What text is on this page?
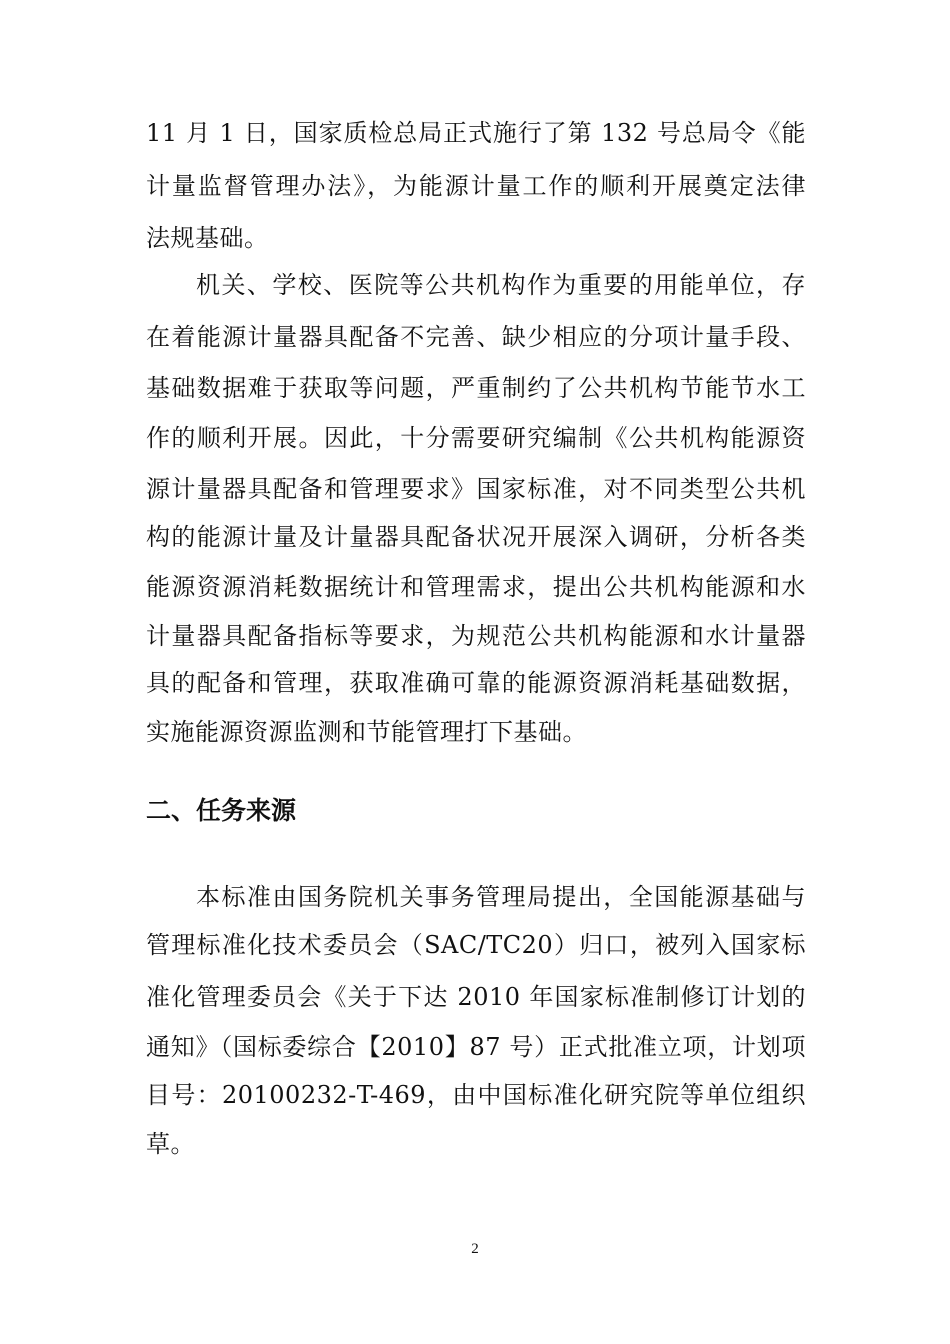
11 月 1 日，国家质检总局正式施行了第 132 号总局令《能
计量监督管理办法》，为能源计量工作的顺利开展奠定法律
法规基础。
机关、学校、医院等公共机构作为重要的用能单位，存
在着能源计量器具配备不完善、缺少相应的分项计量手段、
基础数据难于获取等问题，严重制约了公共机构节能节水工
作的顺利开展。因此，十分需要研究编制《公共机构能源资
源计量器具配备和管理要求》国家标准，对不同类型公共机
构的能源计量及计量器具配备状况开展深入调研，分析各类
能源资源消耗数据统计和管理需求，提出公共机构能源和水
计量器具配备指标等要求，为规范公共机构能源和水计量器
具的配备和管理，获取准确可靠的能源资源消耗基础数据，
实施能源资源监测和节能管理打下基础。
二、任务来源
本标准由国务院机关事务管理局提出，全国能源基础与
管理标准化技术委员会（SAC/TC20）归口，被列入国家标
准化管理委员会《关于下达 2010 年国家标准制修订计划的
通知》（国标委综合【2010】87 号）正式批准立项，计划项
目号：20100232-T-469，由中国标准化研究院等单位组织
草。
2
